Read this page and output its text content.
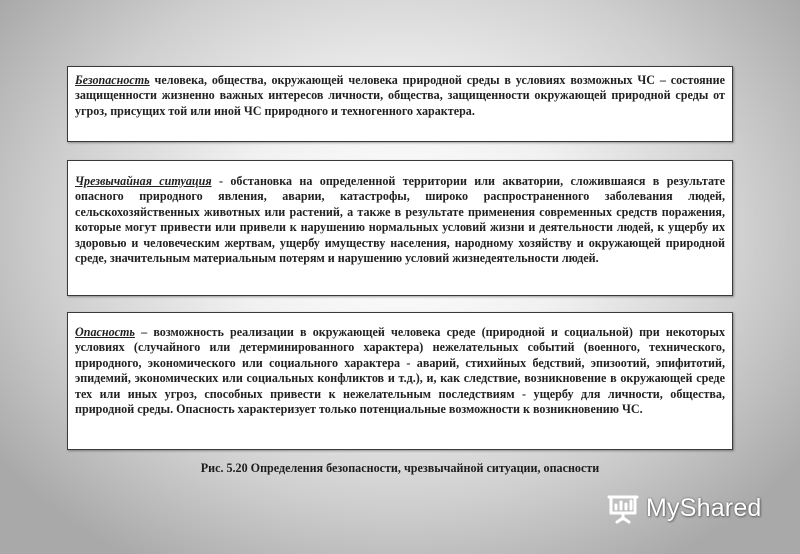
Безопасность человека, общества, окружающей человека природной среды в условиях возможных ЧС – состояние защищенности жизненно важных интересов личности, общества, защищенности окружающей природной среды от угроз, присущих той или иной ЧС природного и техногенного характера.
Чрезвычайная ситуация - обстановка на определенной территории или акватории, сложившаяся в результате опасного природного явления, аварии, катастрофы, широко распространенного заболевания людей, сельскохозяйственных животных или растений, а также в результате применения современных средств поражения, которые могут привести или привели к нарушению нормальных условий жизни и деятельности людей, к ущербу их здоровью и человеческим жертвам, ущербу имуществу населения, народному хозяйству и окружающей природной среде, значительным материальным потерям и нарушению условий жизнедеятельности людей.
Опасность – возможность реализации в окружающей человека среде (природной и социальной) при некоторых условиях (случайного или детерминированного характера) нежелательных событий (военного, технического, природного, экономического или социального характера - аварий, стихийных бедствий, эпизоотий, эпифитотий, эпидемий, экономических или социальных конфликтов и т.д.), и, как следствие, возникновение в окружающей среде тех или иных угроз, способных привести к нежелательным последствиям - ущербу для личности, общества, природной среды. Опасность характеризует только потенциальные возможности к возникновению ЧС.
Рис. 5.20 Определения безопасности, чрезвычайной ситуации, опасности
MyShared
